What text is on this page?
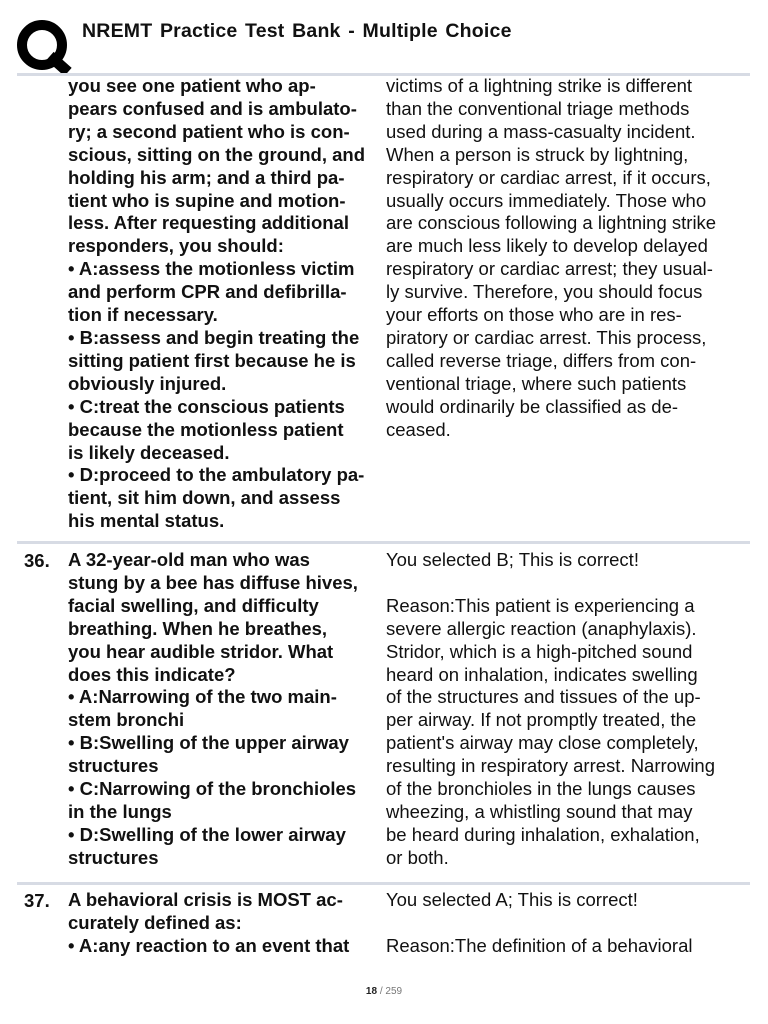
NREMT Practice Test Bank - Multiple Choice
you see one patient who ap-
pears confused and is ambulato-
ry; a second patient who is con-
scious, sitting on the ground, and
holding his arm; and a third pa-
tient who is supine and motion-
less. After requesting additional
responders, you should:
• A:assess the motionless victim
and perform CPR and defibrilla-
tion if necessary.
• B:assess and begin treating the
sitting patient first because he is
obviously injured.
• C:treat the conscious patients
because the motionless patient
is likely deceased.
• D:proceed to the ambulatory pa-
tient, sit him down, and assess
his mental status.
victims of a lightning strike is different
than the conventional triage methods
used during a mass-casualty incident.
When a person is struck by lightning,
respiratory or cardiac arrest, if it occurs,
usually occurs immediately. Those who
are conscious following a lightning strike
are much less likely to develop delayed
respiratory or cardiac arrest; they usual-
ly survive. Therefore, you should focus
your efforts on those who are in res-
piratory or cardiac arrest. This process,
called reverse triage, differs from con-
ventional triage, where such patients
would ordinarily be classified as de-
ceased.
36. A 32-year-old man who was
stung by a bee has diffuse hives,
facial swelling, and difficulty
breathing. When he breathes,
you hear audible stridor. What
does this indicate?
• A:Narrowing of the two main-
stem bronchi
• B:Swelling of the upper airway
structures
• C:Narrowing of the bronchioles
in the lungs
• D:Swelling of the lower airway
structures
You selected B; This is correct!
Reason:This patient is experiencing a
severe allergic reaction (anaphylaxis).
Stridor, which is a high-pitched sound
heard on inhalation, indicates swelling
of the structures and tissues of the up-
per airway. If not promptly treated, the
patient's airway may close completely,
resulting in respiratory arrest. Narrowing
of the bronchioles in the lungs causes
wheezing, a whistling sound that may
be heard during inhalation, exhalation,
or both.
37. A behavioral crisis is MOST ac-
curately defined as:
• A:any reaction to an event that
You selected A; This is correct!
Reason:The definition of a behavioral
18 / 259
